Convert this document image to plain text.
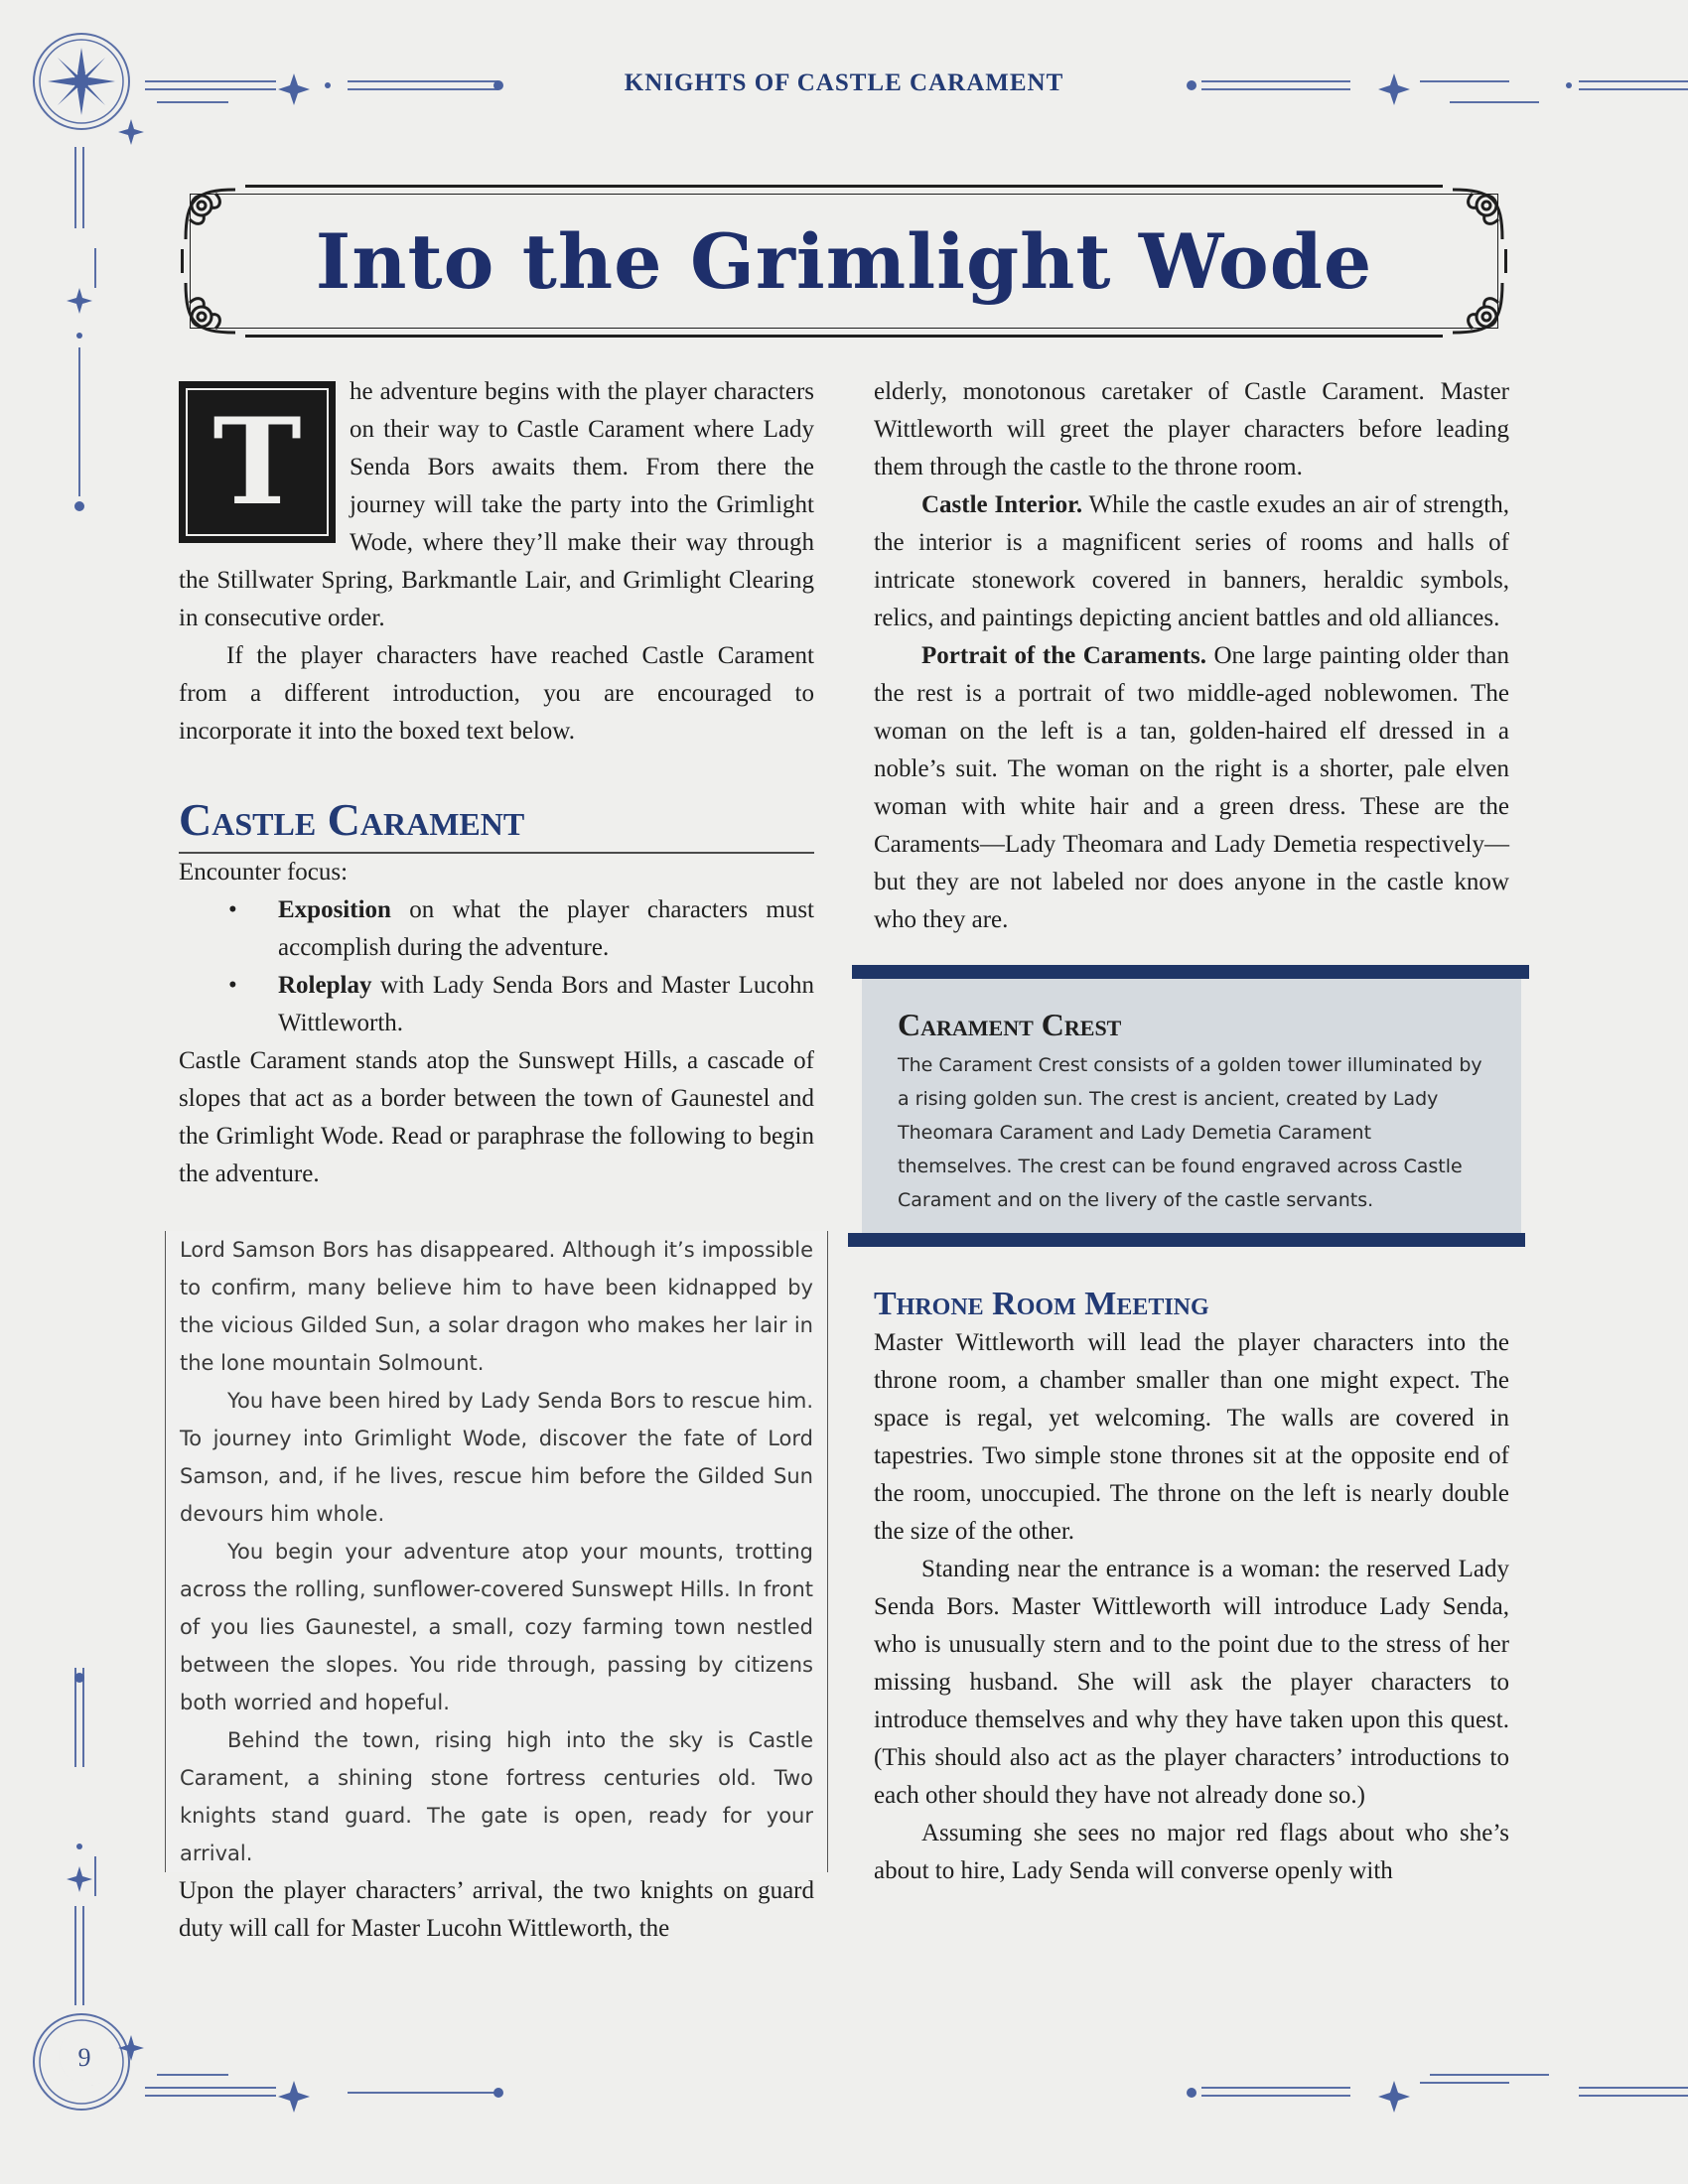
KNIGHTS OF CASTLE CARAMENT
Into the Grimlight Wode

T he adventure begins with the player characters on their way to Castle Carament where Lady Senda Bors awaits them. From there the journey will take the party into the Grimlight Wode, where they’ll make their way through the Stillwater Spring, Barkmantle Lair, and Grimlight Clearing in consecutive order.

If the player characters have reached Castle Carament from a different introduction, you are encouraged to incorporate it into the boxed text below.

Castle Carament

Encounter focus:

• Exposition on what the player characters must accomplish during the adventure.
• Roleplay with Lady Senda Bors and Master Lucohn Wittleworth.

Castle Carament stands atop the Sunswept Hills, a cascade of slopes that act as a border between the town of Gaunestel and the Grimlight Wode. Read or paraphrase the following to begin the adventure.

Lord Samson Bors has disappeared. Although it’s impossible to confirm, many believe him to have been kidnapped by the vicious Gilded Sun, a solar dragon who makes her lair in the lone mountain Solmount.

You have been hired by Lady Senda Bors to rescue him. To journey into Grimlight Wode, discover the fate of Lord Samson, and, if he lives, rescue him before the Gilded Sun devours him whole.

You begin your adventure atop your mounts, trotting across the rolling, sunflower-covered Sunswept Hills. In front of you lies Gaunestel, a small, cozy farming town nestled between the slopes. You ride through, passing by citizens both worried and hopeful.

Behind the town, rising high into the sky is Castle Carament, a shining stone fortress centuries old. Two knights stand guard. The gate is open, ready for your arrival.

Upon the player characters’ arrival, the two knights on guard duty will call for Master Lucohn Wittleworth, the

elderly, monotonous caretaker of Castle Carament. Master Wittleworth will greet the player characters before leading them through the castle to the throne room.

Castle Interior. While the castle exudes an air of strength, the interior is a magnificent series of rooms and halls of intricate stonework covered in banners, heraldic symbols, relics, and paintings depicting ancient battles and old alliances.

Portrait of the Caraments. One large painting older than the rest is a portrait of two middle-aged noblewomen. The woman on the left is a tan, golden-haired elf dressed in a noble’s suit. The woman on the right is a shorter, pale elven woman with white hair and a green dress. These are the Caraments—Lady Theomara and Lady Demetia respectively—but they are not labeled nor does anyone in the castle know who they are.

Carament Crest

The Carament Crest consists of a golden tower illuminated by a rising golden sun. The crest is ancient, created by Lady Theomara Carament and Lady Demetia Carament themselves. The crest can be found engraved across Castle Carament and on the livery of the castle servants.

Throne Room Meeting

Master Wittleworth will lead the player characters into the throne room, a chamber smaller than one might expect. The space is regal, yet welcoming. The walls are covered in tapestries. Two simple stone thrones sit at the opposite end of the room, unoccupied. The throne on the left is nearly double the size of the other.

Standing near the entrance is a woman: the reserved Lady Senda Bors. Master Wittleworth will introduce Lady Senda, who is unusually stern and to the point due to the stress of her missing husband. She will ask the player characters to introduce themselves and why they have taken upon this quest. (This should also act as the player characters’ introductions to each other should they have not already done so.)

Assuming she sees no major red flags about who she’s about to hire, Lady Senda will converse openly with

9
